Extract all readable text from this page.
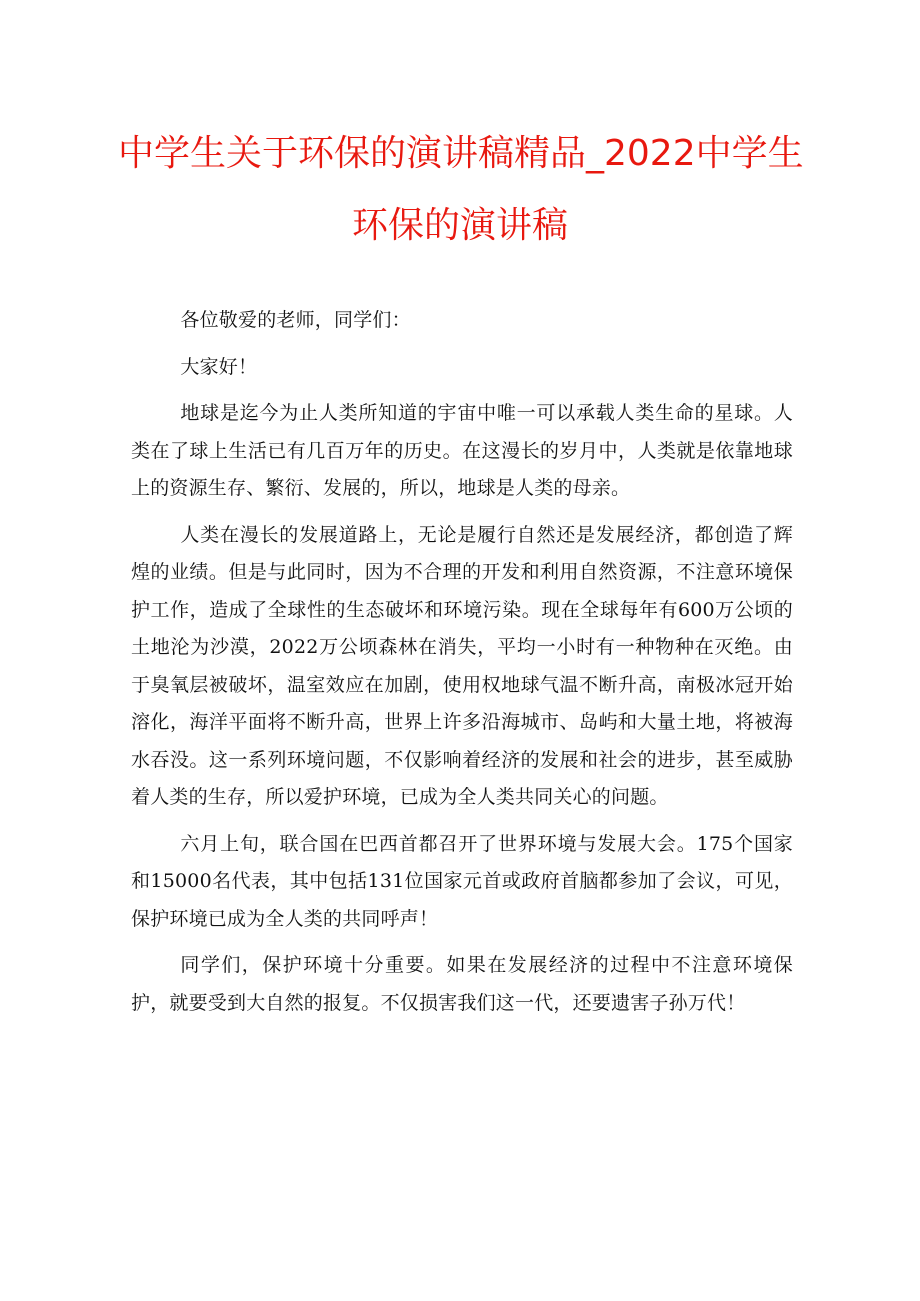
中学生关于环保的演讲稿精品_2022中学生
环保的演讲稿

各位敬爱的老师，同学们：

大家好！

地球是迄今为止人类所知道的宇宙中唯一可以承载人类生命的星球。人类在了球上生活已有几百万年的历史。在这漫长的岁月中，人类就是依靠地球上的资源生存、繁衍、发展的，所以，地球是人类的母亲。

人类在漫长的发展道路上，无论是履行自然还是发展经济，都创造了辉煌的业绩。但是与此同时，因为不合理的开发和利用自然资源，不注意环境保护工作，造成了全球性的生态破坏和环境污染。现在全球每年有600万公顷的土地沦为沙漠，2022万公顷森林在消失，平均一小时有一种物种在灭绝。由于臭氧层被破坏，温室效应在加剧，使用权地球气温不断升高，南极冰冠开始溶化，海洋平面将不断升高，世界上许多沿海城市、岛屿和大量土地，将被海水吞没。这一系列环境问题，不仅影响着经济的发展和社会的进步，甚至威胁着人类的生存，所以爱护环境，已成为全人类共同关心的问题。

六月上旬，联合国在巴西首都召开了世界环境与发展大会。175个国家和15000名代表，其中包括131位国家元首或政府首脑都参加了会议，可见，保护环境已成为全人类的共同呼声！

同学们，保护环境十分重要。如果在发展经济的过程中不注意环境保护，就要受到大自然的报复。不仅损害我们这一代，还要遗害子孙万代！
